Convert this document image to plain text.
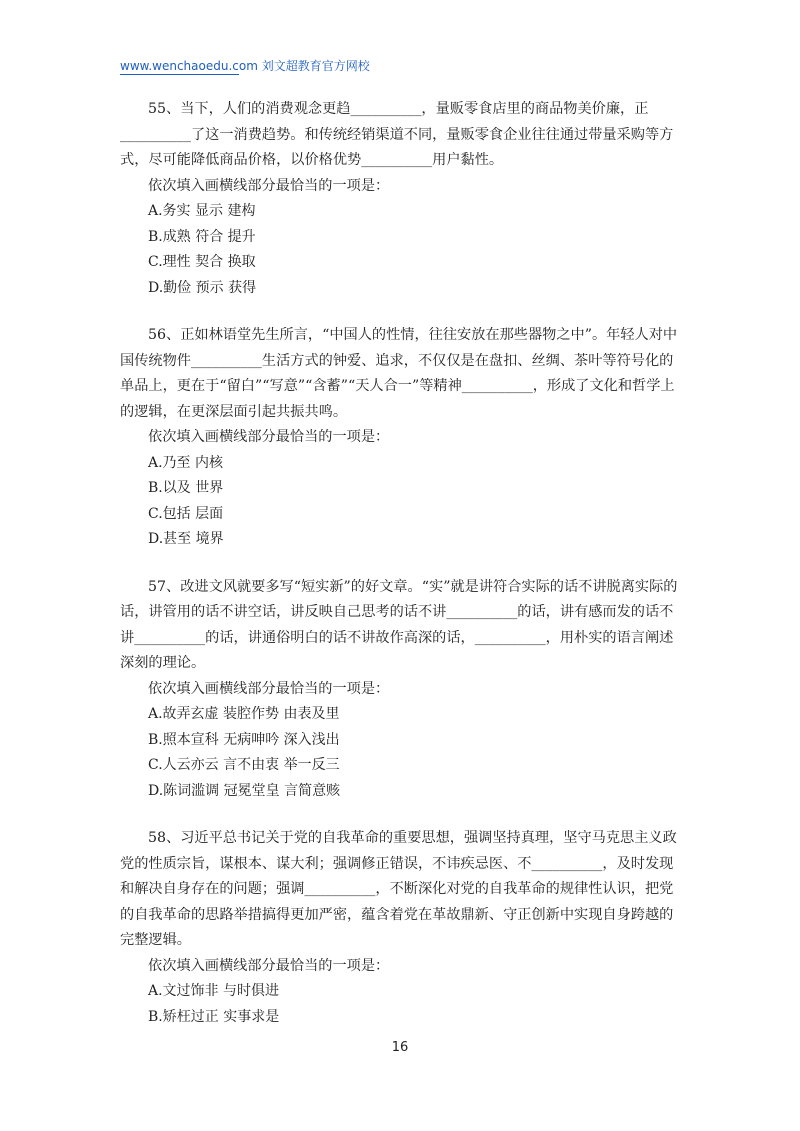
www.wenchaoedu.com 刘文超教育官方网校

55、当下，人们的消费观念更趋__________，量贩零食店里的商品物美价廉，正__________了这一消费趋势。和传统经销渠道不同，量贩零食企业往往通过带量采购等方式，尽可能降低商品价格，以价格优势__________用户黏性。

依次填入画横线部分最恰当的一项是：

A.务实 显示 建构
B.成熟 符合 提升
C.理性 契合 换取
D.勤俭 预示 获得

56、正如林语堂先生所言，“中国人的性情，往往安放在那些器物之中”。年轻人对中国传统物件__________生活方式的钟爱、追求，不仅仅是在盘扣、丝绸、茶叶等符号化的单品上，更在于“留白”“写意”“含蓄”“天人合一”等精神__________，形成了文化和哲学上的逻辑，在更深层面引起共振共鸣。

依次填入画横线部分最恰当的一项是：

A.乃至 内核
B.以及 世界
C.包括 层面
D.甚至 境界

57、改进文风就要多写“短实新”的好文章。“实”就是讲符合实际的话不讲脱离实际的话，讲管用的话不讲空话，讲反映自己思考的话不讲__________的话，讲有感而发的话不讲__________的话，讲通俗明白的话不讲故作高深的话，__________，用朴实的语言阐述深刻的理论。

依次填入画横线部分最恰当的一项是：

A.故弄玄虚 装腔作势 由表及里
B.照本宣科 无病呻吟 深入浅出
C.人云亦云 言不由衷 举一反三
D.陈词滥调 冠冕堂皇 言简意赅

58、习近平总书记关于党的自我革命的重要思想，强调坚持真理，坚守马克思主义政党的性质宗旨，谋根本、谋大利；强调修正错误，不讳疾忌医、不__________，及时发现和解决自身存在的问题；强调__________，不断深化对党的自我革命的规律性认识，把党的自我革命的思路举措搞得更加严密，蕴含着党在革故鼎新、守正创新中实现自身跨越的完整逻辑。

依次填入画横线部分最恰当的一项是：

A.文过饰非 与时俱进
B.矫枉过正 实事求是
16
